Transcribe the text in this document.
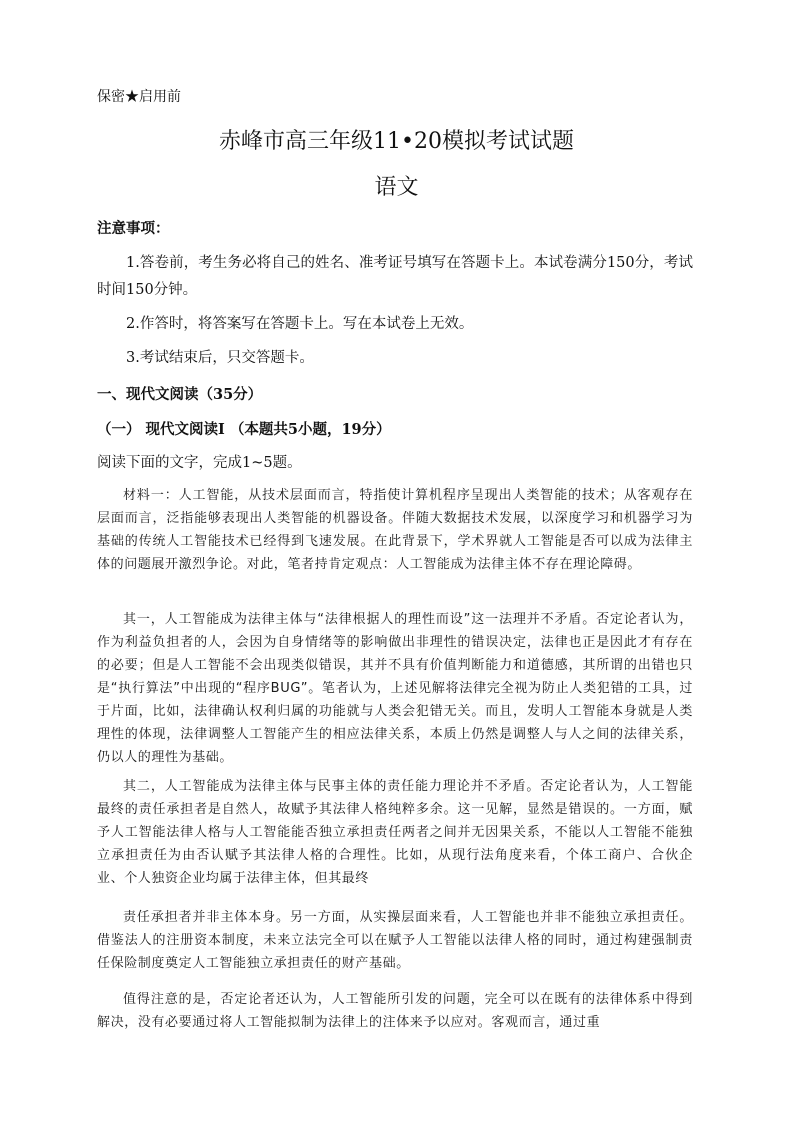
保密★启用前
赤峰市高三年级11•20模拟考试试题
语文
注意事项：

1.答卷前，考生务必将自己的姓名、准考证号填写在答题卡上。本试卷满分150分，考试时间150分钟。

2.作答时，将答案写在答题卡上。写在本试卷上无效。

3.考试结束后，只交答题卡。

一、现代文阅读（35分）
（一） 现代文阅读Ⅰ （本题共5小题，19分）

阅读下面的文字，完成1~5题。

材料一：人工智能，从技术层面而言，特指使计算机程序呈现出人类智能的技术；从客观存在层面而言，泛指能够表现出人类智能的机器设备。伴随大数据技术发展，以深度学习和机器学习为基础的传统人工智能技术已经得到飞速发展。在此背景下，学术界就人工智能是否可以成为法律主体的问题展开激烈争论。对此，笔者持肯定观点：人工智能成为法律主体不存在理论障碍。

其一，人工智能成为法律主体与“法律根据人的理性而设”这一法理并不矛盾。否定论者认为，作为利益负担者的人，会因为自身情绪等的影响做出非理性的错误决定，法律也正是因此才有存在的必要；但是人工智能不会出现类似错误，其并不具有价值判断能力和道德感，其所谓的出错也只是“执行算法”中出现的“程序BUG”。笔者认为，上述见解将法律完全视为防止人类犯错的工具，过于片面，比如，法律确认权利归属的功能就与人类会犯错无关。而且，发明人工智能本身就是人类理性的体现，法律调整人工智能产生的相应法律关系，本质上仍然是调整人与人之间的法律关系，仍以人的理性为基础。

其二，人工智能成为法律主体与民事主体的责任能力理论并不矛盾。否定论者认为，人工智能最终的责任承担者是自然人，故赋予其法律人格纯粹多余。这一见解，显然是错误的。一方面，赋予人工智能法律人格与人工智能能否独立承担责任两者之间并无因果关系，不能以人工智能不能独立承担责任为由否认赋予其法律人格的合理性。比如，从现行法角度来看，个体工商户、合伙企业、个人独资企业均属于法律主体，但其最终

责任承担者并非主体本身。另一方面，从实操层面来看，人工智能也并非不能独立承担责任。借鉴法人的注册资本制度，未来立法完全可以在赋予人工智能以法律人格的同时，通过构建强制责任保险制度奠定人工智能独立承担责任的财产基础。

值得注意的是，否定论者还认为，人工智能所引发的问题，完全可以在既有的法律体系中得到解决，没有必要通过将人工智能拟制为法律上的注体来予以应对。客观而言，通过重
